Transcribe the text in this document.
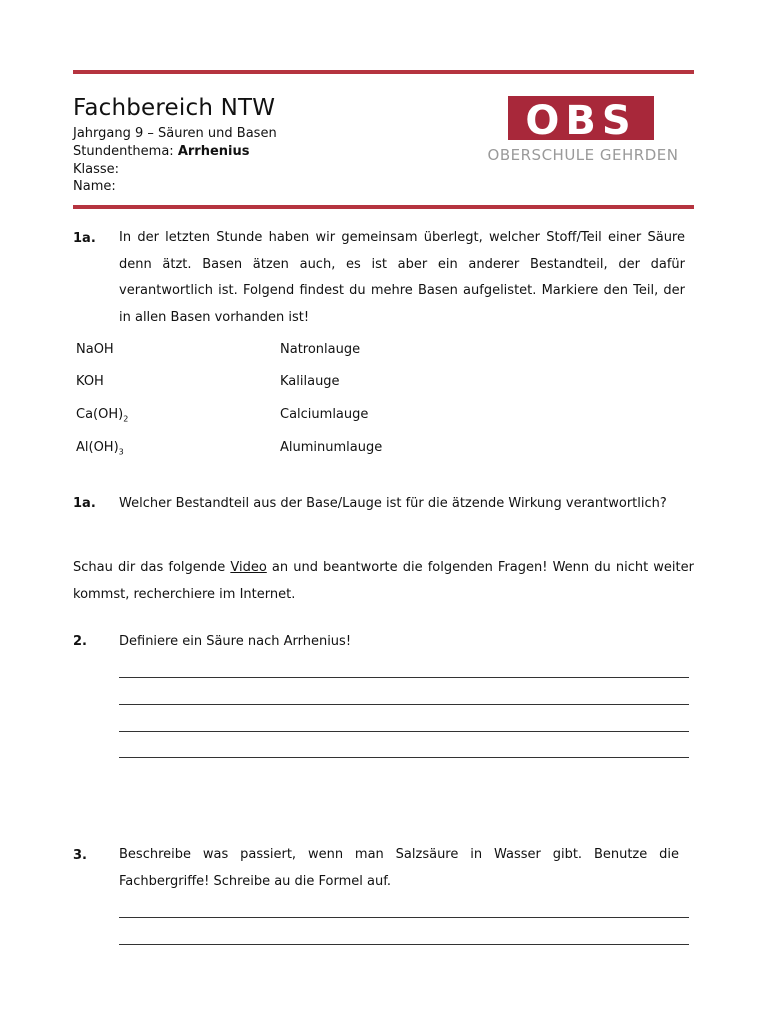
Fachbereich NTW
Jahrgang 9 – Säuren und Basen
Stundenthema: Arrhenius
Klasse:
Name:
OBS
OBERSCHULE GEHRDEN
1a. In der letzten Stunde haben wir gemeinsam überlegt, welcher Stoff/Teil einer Säure denn ätzt. Basen ätzen auch, es ist aber ein anderer Bestandteil, der dafür verantwortlich ist. Folgend findest du mehre Basen aufgelistet. Markiere den Teil, der in allen Basen vorhanden ist!
NaOH	Natronlauge
KOH	Kalilauge
$Ca(OH)_2$	Calciumlauge
$Al(OH)_3$	Aluminumlauge
1a. Welcher Bestandteil aus der Base/Lauge ist für die ätzende Wirkung verantwortlich?
Schau dir das folgende Video an und beantworte die folgenden Fragen! Wenn du nicht weiter kommst, recherchiere im Internet.
2. Definiere ein Säure nach Arrhenius!
3. Beschreibe was passiert, wenn man Salzsäure in Wasser gibt. Benutze die Fachbergriffe! Schreibe au die Formel auf.
